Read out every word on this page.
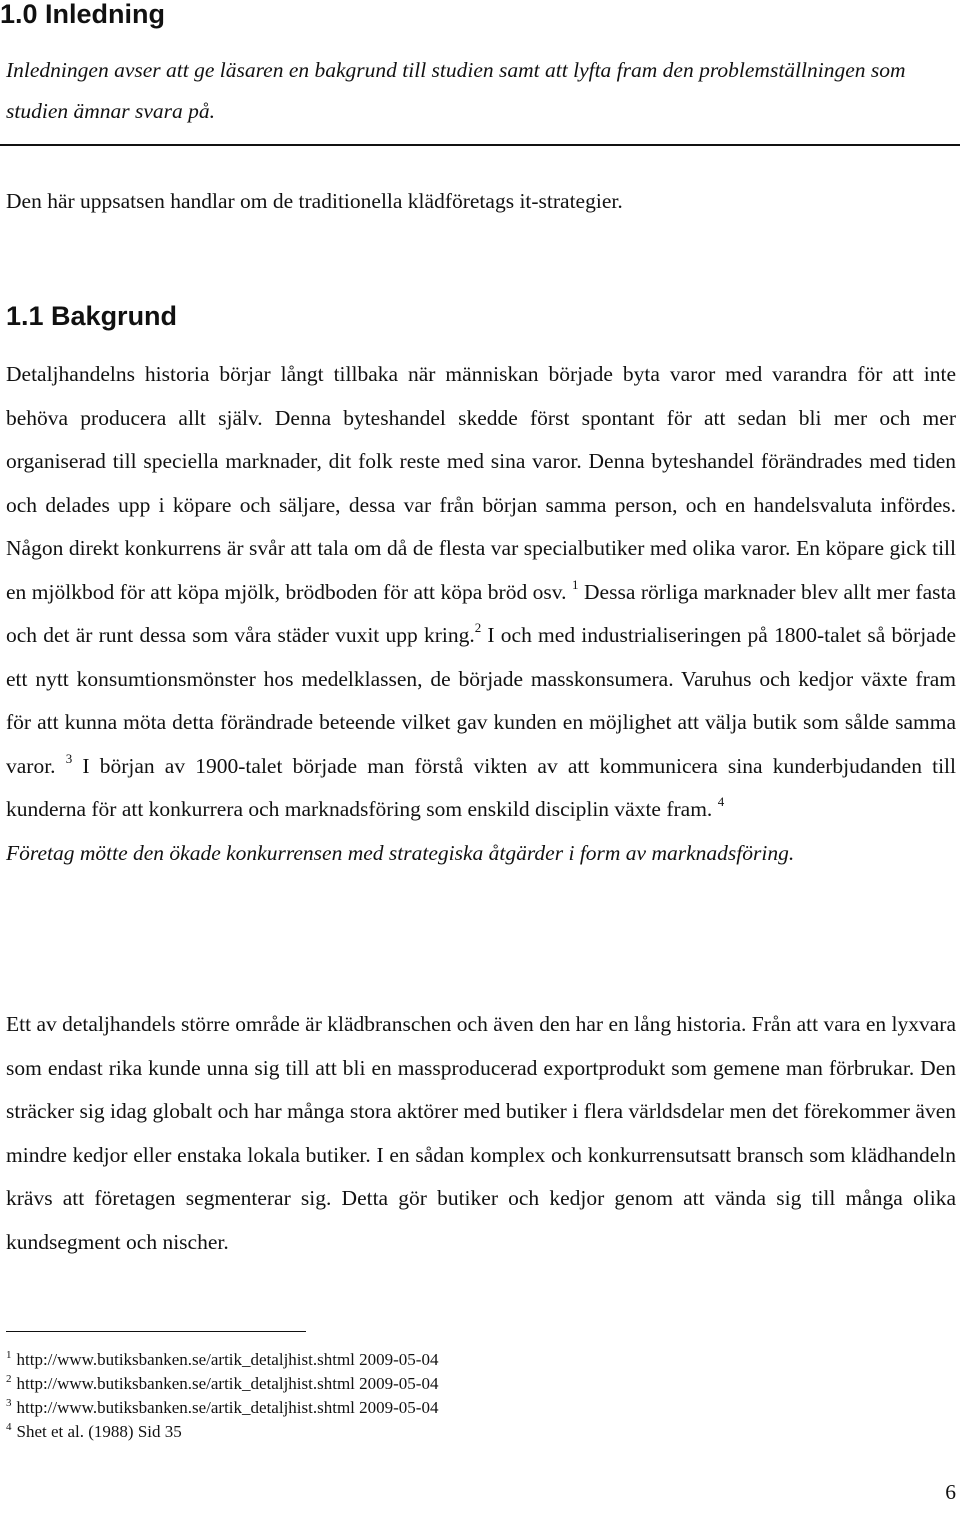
1.0 Inledning

Inledningen avser att ge läsaren en bakgrund till studien samt att lyfta fram den problemställningen som studien ämnar svara på.

Den här uppsatsen handlar om de traditionella klädföretags it-strategier.

1.1 Bakgrund

Detaljhandelns historia börjar långt tillbaka när människan började byta varor med varandra för att inte behöva producera allt själv. Denna byteshandel skedde först spontant för att sedan bli mer och mer organiserad till speciella marknader, dit folk reste med sina varor. Denna byteshandel förändrades med tiden och delades upp i köpare och säljare, dessa var från början samma person, och en handelsvaluta infördes. Någon direkt konkurrens är svår att tala om då de flesta var specialbutiker med olika varor. En köpare gick till en mjölkbod för att köpa mjölk, brödboden för att köpa bröd osv. $^1$ Dessa rörliga marknader blev allt mer fasta och det är runt dessa som våra städer vuxit upp kring.$^2$ I och med industrialiseringen på 1800-talet så började ett nytt konsumtionsmönster hos medelklassen, de började masskonsumera. Varuhus och kedjor växte fram för att kunna möta detta förändrade beteende vilket gav kunden en möjlighet att välja butik som sålde samma varor. $^3$ I början av 1900-talet började man förstå vikten av att kommunicera sina kunderbjudanden till kunderna för att konkurrera och marknadsföring som enskild disciplin växte fram. $^4$
Företag mötte den ökade konkurrensen med strategiska åtgärder i form av marknadsföring.

Ett av detaljhandels större område är klädbranschen och även den har en lång historia. Från att vara en lyxvara som endast rika kunde unna sig till att bli en massproducerad exportprodukt som gemene man förbrukar. Den sträcker sig idag globalt och har många stora aktörer med butiker i flera världsdelar men det förekommer även mindre kedjor eller enstaka lokala butiker. I en sådan komplex och konkurrensutsatt bransch som klädhandeln krävs att företagen segmenterar sig. Detta gör butiker och kedjor genom att vända sig till många olika kundsegment och nischer.

$^1$ http://www.butiksbanken.se/artik_detaljhist.shtml 2009-05-04
$^2$ http://www.butiksbanken.se/artik_detaljhist.shtml 2009-05-04
$^3$ http://www.butiksbanken.se/artik_detaljhist.shtml 2009-05-04
$^4$ Shet et al. (1988) Sid 35
6
